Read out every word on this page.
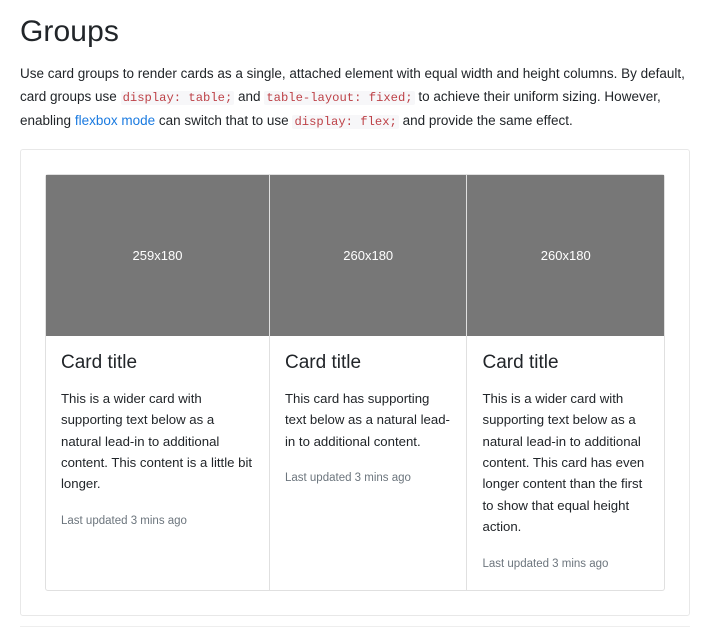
Groups

Use card groups to render cards as a single, attached element with equal width and height columns. By default, card groups use display: table; and table-layout: fixed; to achieve their uniform sizing. However, enabling flexbox mode can switch that to use display: flex; and provide the same effect.

259x180
Card title

This is a wider card with supporting text below as a natural lead-in to additional content. This content is a little bit longer.

Last updated 3 mins ago

260x180
Card title

This card has supporting text below as a natural lead-in to additional content.

Last updated 3 mins ago

260x180
Card title

This is a wider card with supporting text below as a natural lead-in to additional content. This card has even longer content than the first to show that equal height action.

Last updated 3 mins ago
